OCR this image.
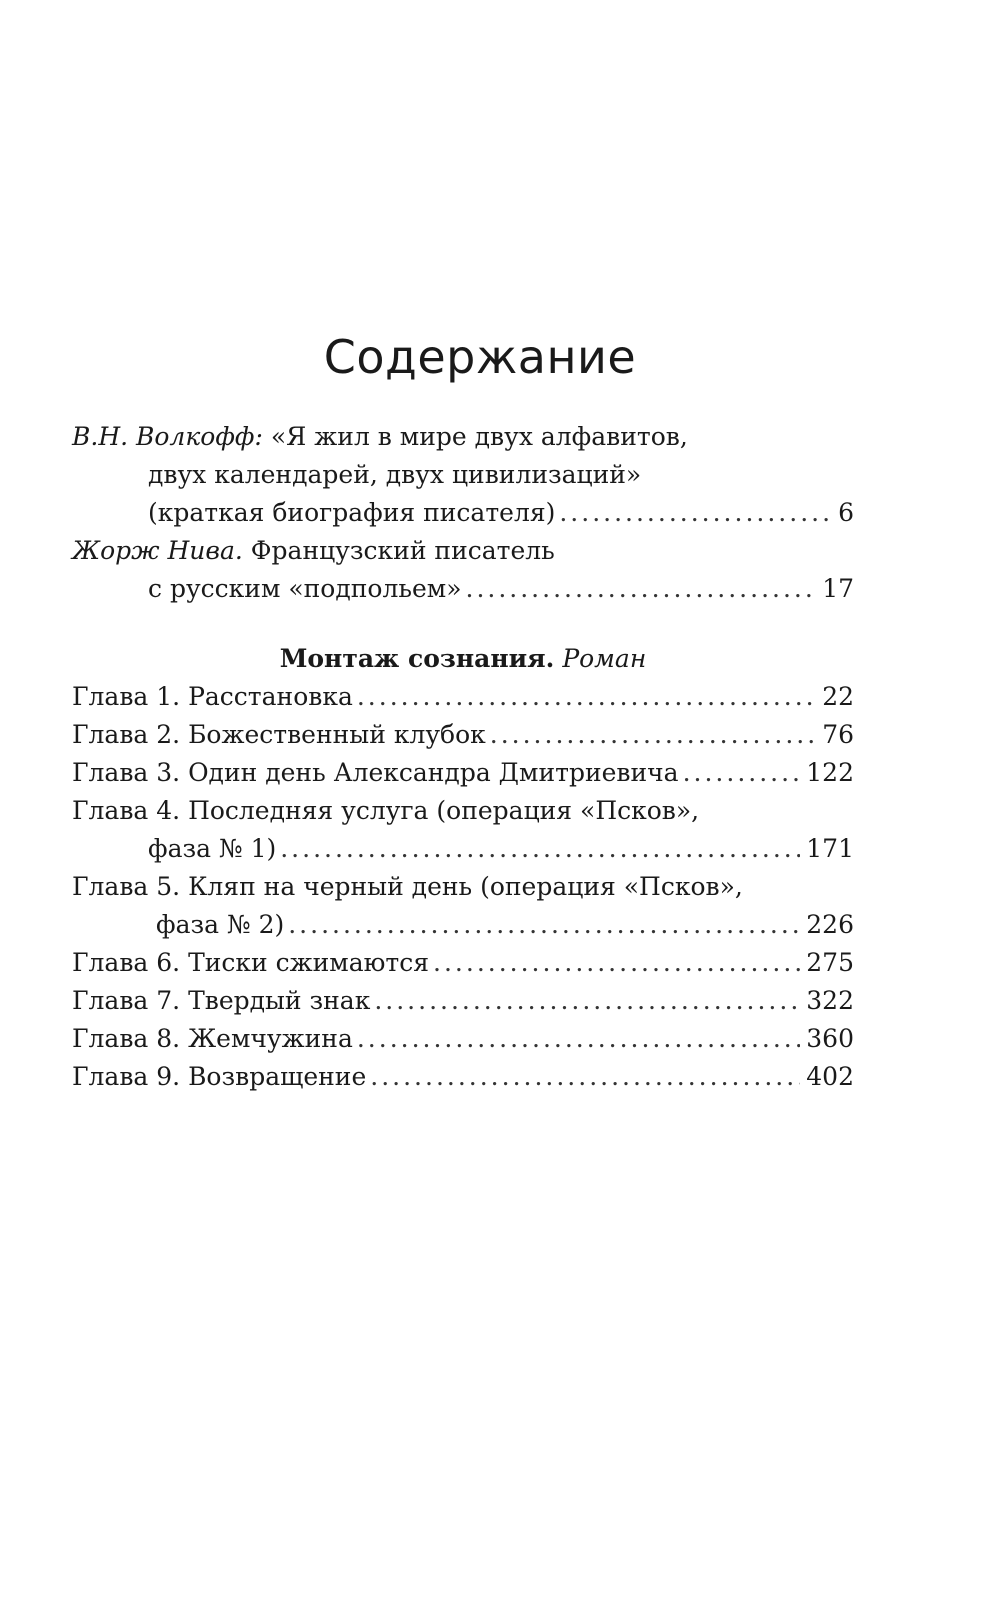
Содержание
В.Н. Волкофф:
«Я жил в мире двух алфавитов,
двух календарей, двух цивилизаций»
(краткая биография писателя) .....	6
Жорж Нива.
Французский писатель
с русским «подпольем» .....	17
Монтаж сознания. Роман
Глава 1. Расстановка .....	22
Глава 2. Божественный клубок .....	76
Глава 3. Один день Александра Дмитриевича .....	122
Глава 4. Последняя услуга (операция «Псков»,
фаза № 1) .....	171
Глава 5. Кляп на черный день (операция «Псков»,
фаза № 2) .....	226
Глава 6. Тиски сжимаются .....	275
Глава 7. Твердый знак .....	322
Глава 8. Жемчужина .....	360
Глава 9. Возвращение .....	402
